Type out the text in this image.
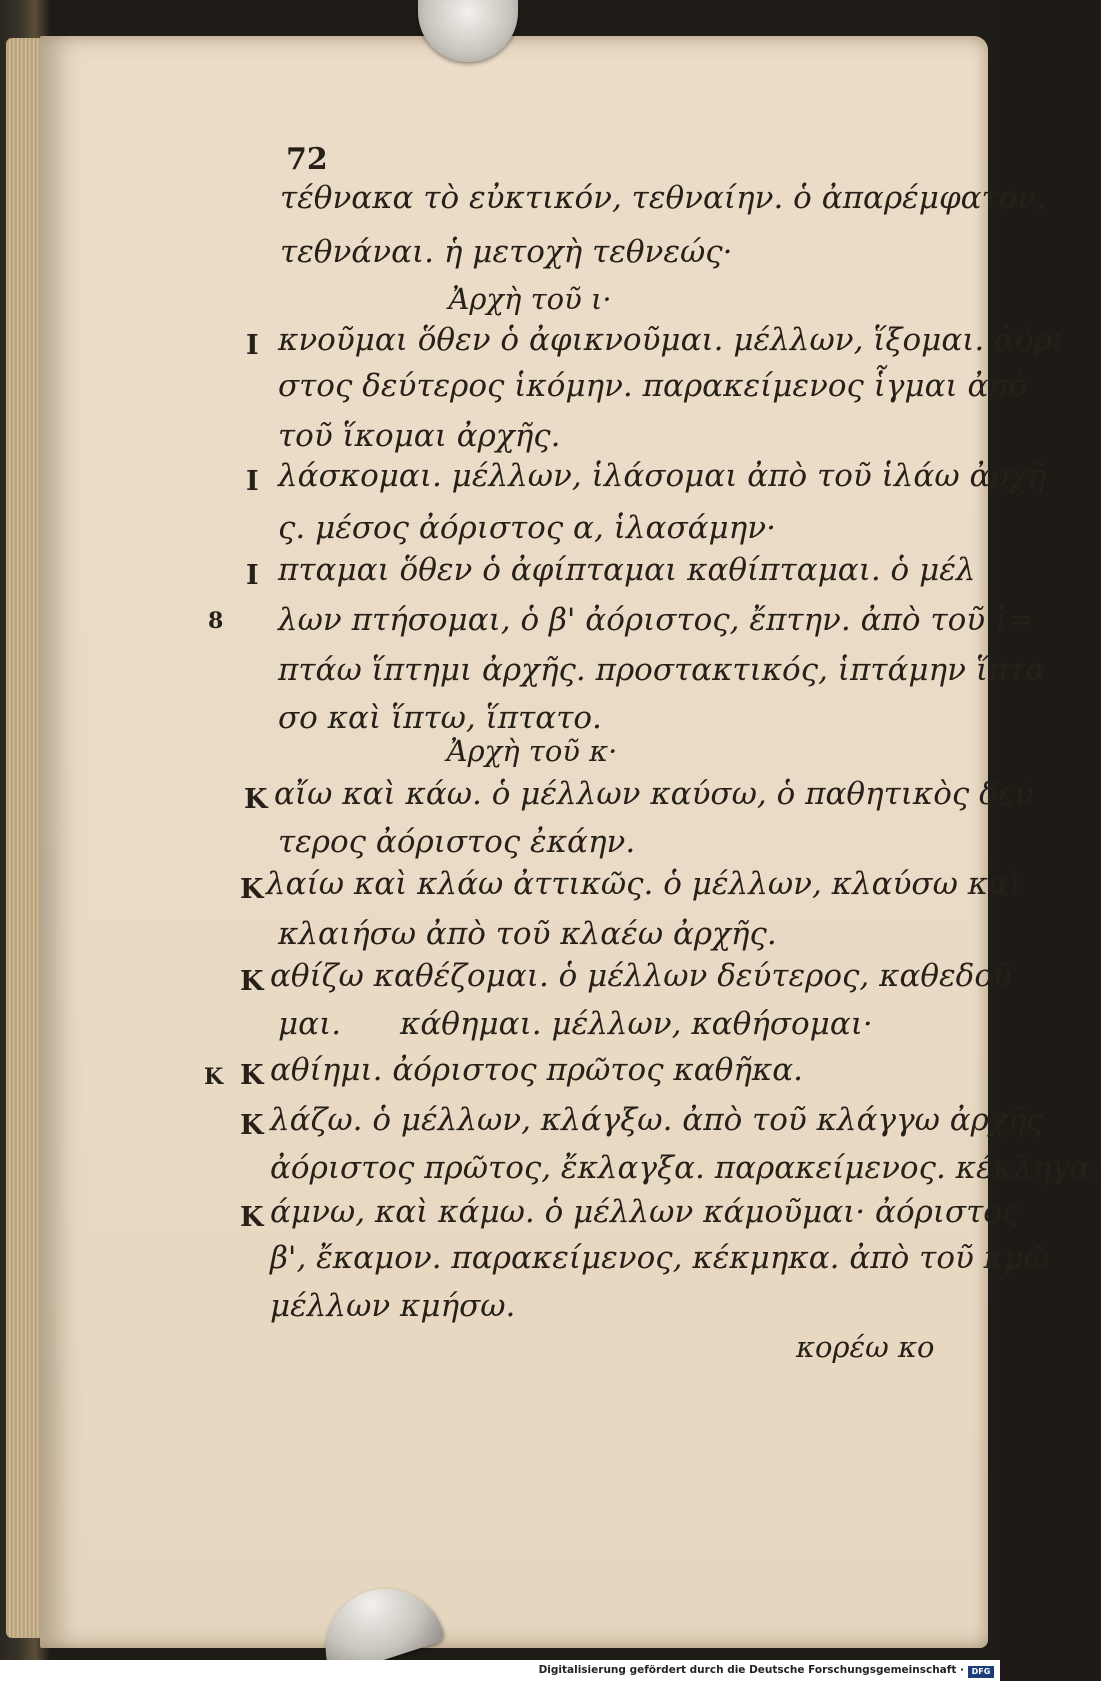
72
τέθνακα τὸ εὐκτικόν, τεθναίην. ὁ ἀπαρέμφατον,
τεθνάναι. ἡ μετοχὴ τεθνεώς·
Ἀρχὴ τοῦ ι·
I κνοῦμαι ὅθεν ὁ ἀφικνοῦμαι. μέλλων, ἵξομαι. ἀόρι
στος δεύτερος ἱκόμην. παρακείμενος ἷγμαι ἀπὸ
τοῦ ἵκομαι ἀρχῆς.
I λάσκομαι. μέλλων, ἱλάσομαι ἀπὸ τοῦ ἱλάω ἀρχῆ
ς. μέσος ἀόριστος α, ἱλασάμην·
I πταμαι ὅθεν ὁ ἀφίπταμαι καθίπταμαι. ὁ μέλ
8 λων πτήσομαι, ὁ β' ἀόριστος, ἔπτην. ἀπὸ τοῦ ἱ=
πτάω ἵπτημι ἀρχῆς. προστακτικός, ἱπτάμην ἵπτα
σο καὶ ἵπτω, ἵπτατο.
Ἀρχὴ τοῦ κ·
K αἴω καὶ κάω. ὁ μέλλων καύσω, ὁ παθητικὸς δεύ
τερος ἀόριστος ἐκάην.
K λαίω καὶ κλάω ἀττικῶς. ὁ μέλλων, κλαύσω καὶ
κλαιήσω ἀπὸ τοῦ κλαέω ἀρχῆς.
K αθίζω καθέζομαι. ὁ μέλλων δεύτερος, καθεδοῦ
μαι. κάθημαι. μέλλων, καθήσομαι·
K K αθίημι. ἀόριστος πρῶτος καθῆκα.
K λάζω. ὁ μέλλων, κλάγξω. ἀπὸ τοῦ κλάγγω ἀρχῆς
ἀόριστος πρῶτος, ἔκλαγξα. παρακείμενος. κέκληγα.
K άμνω, καὶ κάμω. ὁ μέλλων κάμοῦμαι· ἀόριστος
β', ἔκαμον. παρακείμενος, κέκμηκα. ἀπὸ τοῦ κμῶ
μέλλων κμήσω.
κορέω κο
Digitalisierung gefördert durch die Deutsche Forschungsgemeinschaft · DFG
